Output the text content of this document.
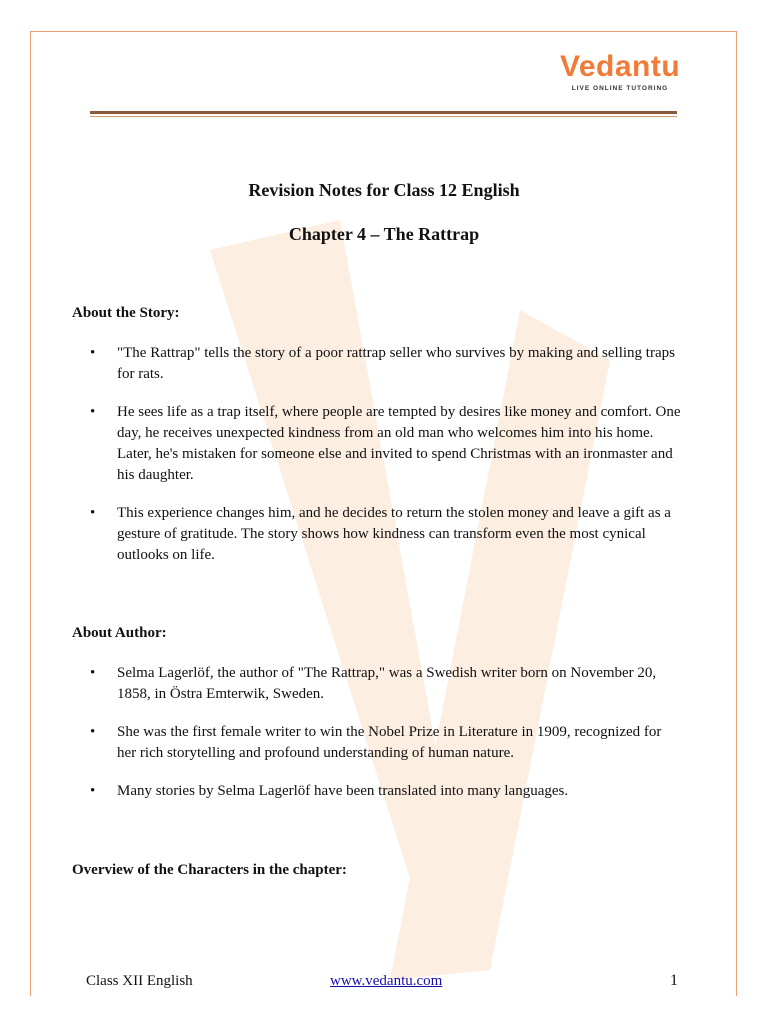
Vedantu
LIVE ONLINE TUTORING
Revision Notes for Class 12 English
Chapter 4 – The Rattrap
About the Story:
• "The Rattrap" tells the story of a poor rattrap seller who survives by making and selling traps for rats.
• He sees life as a trap itself, where people are tempted by desires like money and comfort. One day, he receives unexpected kindness from an old man who welcomes him into his home. Later, he's mistaken for someone else and invited to spend Christmas with an ironmaster and his daughter.
• This experience changes him, and he decides to return the stolen money and leave a gift as a gesture of gratitude. The story shows how kindness can transform even the most cynical outlooks on life.
About Author:
• Selma Lagerlöf, the author of "The Rattrap," was a Swedish writer born on November 20, 1858, in Östra Emterwik, Sweden.
• She was the first female writer to win the Nobel Prize in Literature in 1909, recognized for her rich storytelling and profound understanding of human nature.
• Many stories by Selma Lagerlöf have been translated into many languages.
Overview of the Characters in the chapter:
Class XII English	www.vedantu.com	1
